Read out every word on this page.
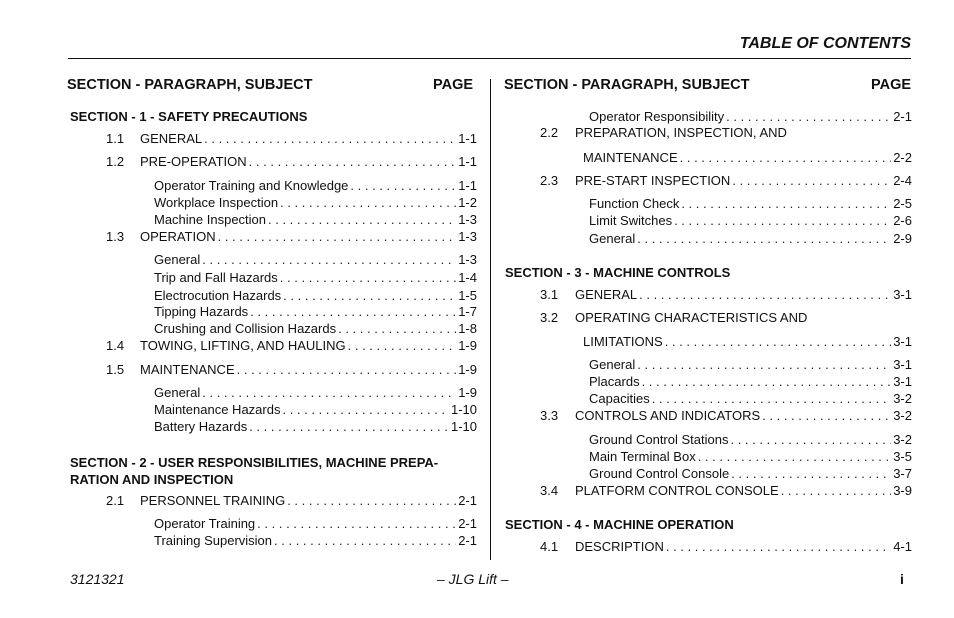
TABLE OF CONTENTS
SECTION - PARAGRAPH, SUBJECT	PAGE SECTION - PARAGRAPH, SUBJECT	PAGE
SECTION - 1 - SAFETY PRECAUTIONS
1.1 GENERAL . . .	1-1
1.2 PRE-OPERATION . . .	1-1
Operator Training and Knowledge . . .	1-1
Workplace Inspection . . .	1-2
Machine Inspection . . .	1-3
1.3 OPERATION . . .	1-3
General . . .	1-3
Trip and Fall Hazards . . .	1-4
Electrocution Hazards . . .	1-5
Tipping Hazards . . .	1-7
Crushing and Collision Hazards . . .	1-8
1.4 TOWING, LIFTING, AND HAULING . . .	1-9
1.5 MAINTENANCE . . .	1-9
General . . .	1-9
Maintenance Hazards . . .	1-10
Battery Hazards . . .	1-10
SECTION - 2 - USER RESPONSIBILITIES, MACHINE PREPA-
RATION AND INSPECTION
2.1 PERSONNEL TRAINING . . .	2-1
Operator Training . . .	2-1
Training Supervision . . .	2-1
Operator Responsibility . . .	2-1
2.2 PREPARATION, INSPECTION, AND
MAINTENANCE . . .	2-2
2.3 PRE-START INSPECTION . . .	2-4
Function Check . . .	2-5
Limit Switches . . .	2-6
General . . .	2-9
SECTION - 3 - MACHINE CONTROLS
3.1 GENERAL . . .	3-1
3.2 OPERATING CHARACTERISTICS AND
LIMITATIONS . . .	3-1
General . . .	3-1
Placards . . .	3-1
Capacities . . .	3-2
3.3 CONTROLS AND INDICATORS . . .	3-2
Ground Control Stations . . .	3-2
Main Terminal Box . . .	3-5
Ground Control Console . . .	3-7
3.4 PLATFORM CONTROL CONSOLE . . .	3-9
SECTION - 4 - MACHINE OPERATION
4.1 DESCRIPTION . . .	4-1
3121321	– JLG Lift –	i
